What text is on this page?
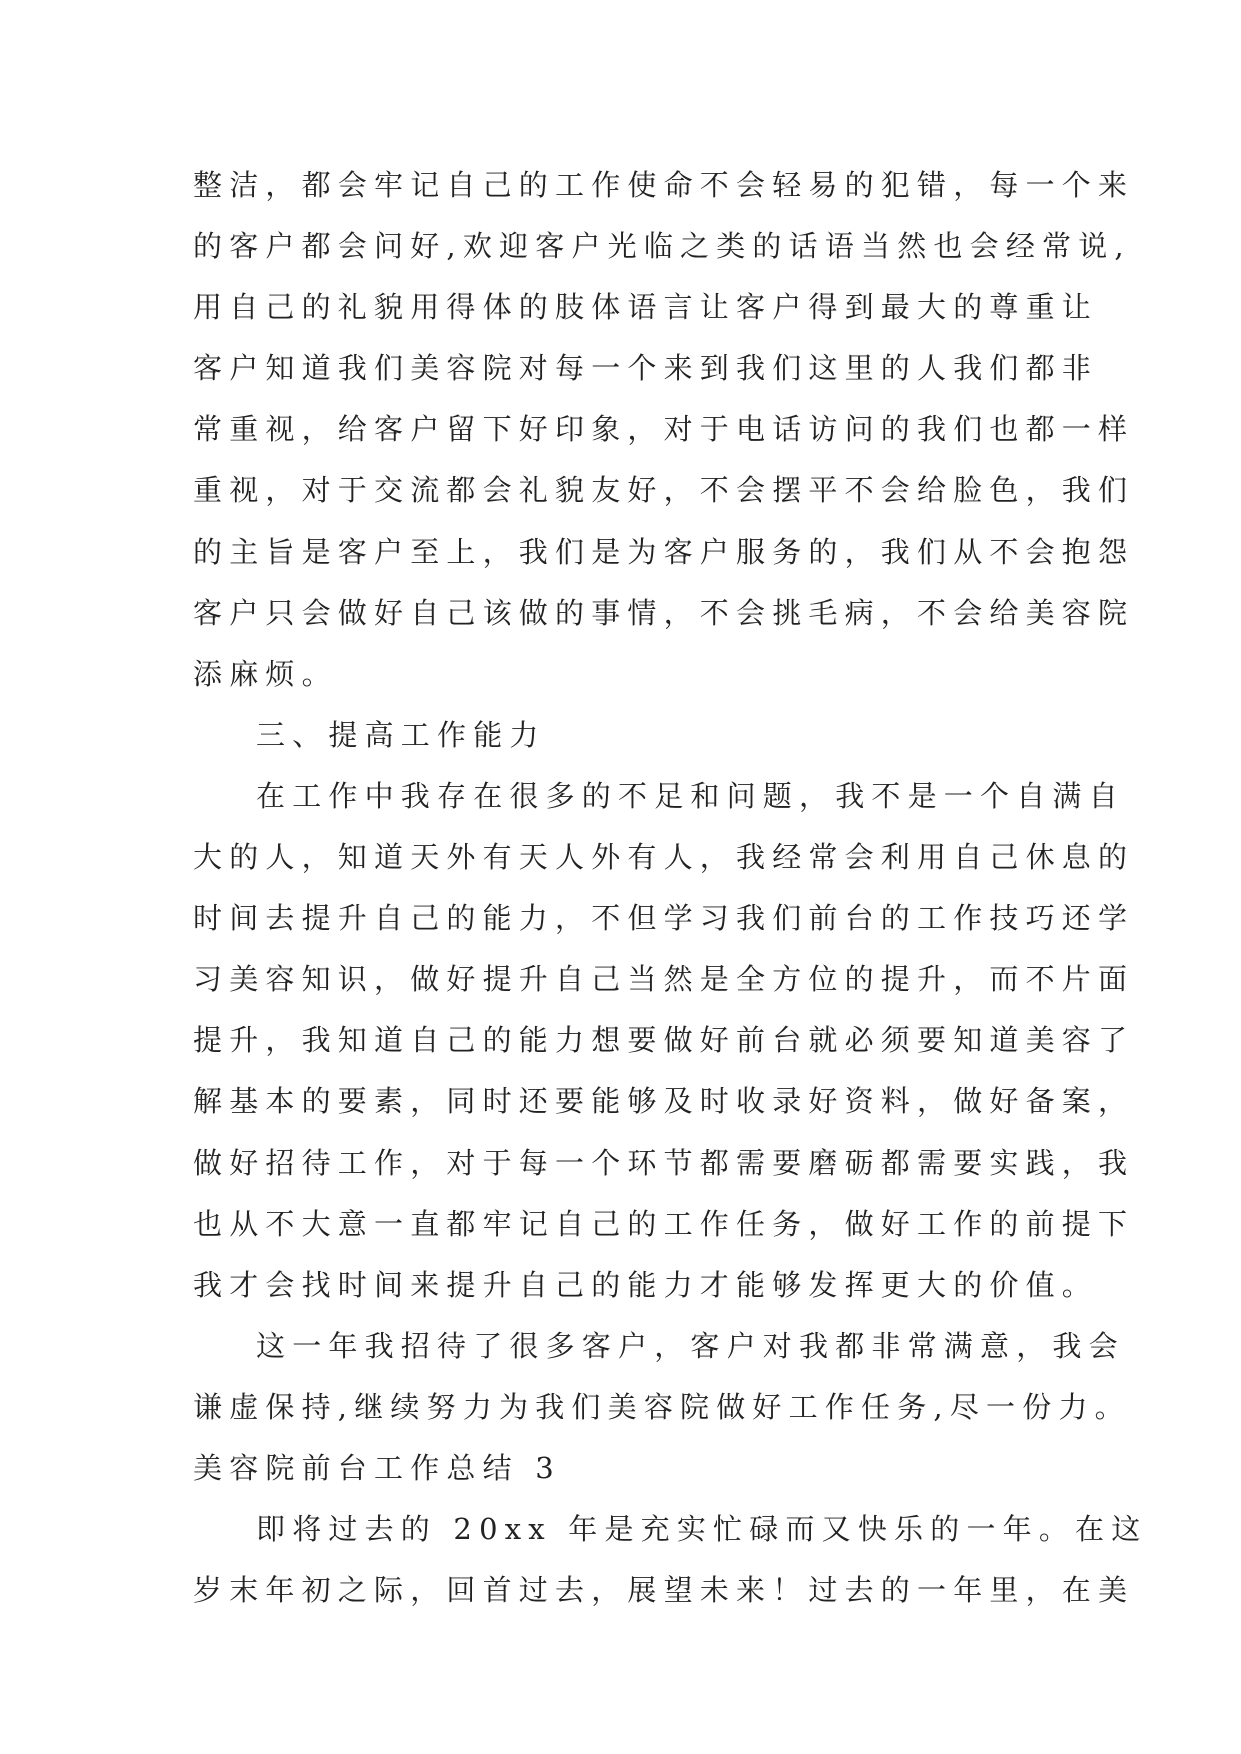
整洁，都会牢记自己的工作使命不会轻易的犯错，每一个来
的客户都会问好,欢迎客户光临之类的话语当然也会经常说,
用自己的礼貌用得体的肢体语言让客户得到最大的尊重让
客户知道我们美容院对每一个来到我们这里的人我们都非
常重视，给客户留下好印象，对于电话访问的我们也都一样
重视，对于交流都会礼貌友好，不会摆平不会给脸色，我们
的主旨是客户至上，我们是为客户服务的，我们从不会抱怨
客户只会做好自己该做的事情，不会挑毛病，不会给美容院
添麻烦。
三、提高工作能力
在工作中我存在很多的不足和问题，我不是一个自满自
大的人，知道天外有天人外有人，我经常会利用自己休息的
时间去提升自己的能力，不但学习我们前台的工作技巧还学
习美容知识，做好提升自己当然是全方位的提升，而不片面
提升，我知道自己的能力想要做好前台就必须要知道美容了
解基本的要素，同时还要能够及时收录好资料，做好备案，
做好招待工作，对于每一个环节都需要磨砺都需要实践，我
也从不大意一直都牢记自己的工作任务，做好工作的前提下
我才会找时间来提升自己的能力才能够发挥更大的价值。
这一年我招待了很多客户，客户对我都非常满意，我会
谦虚保持,继续努力为我们美容院做好工作任务,尽一份力。
美容院前台工作总结 3
即将过去的 20xx 年是充实忙碌而又快乐的一年。在这
岁末年初之际，回首过去，展望未来！过去的一年里，在美
